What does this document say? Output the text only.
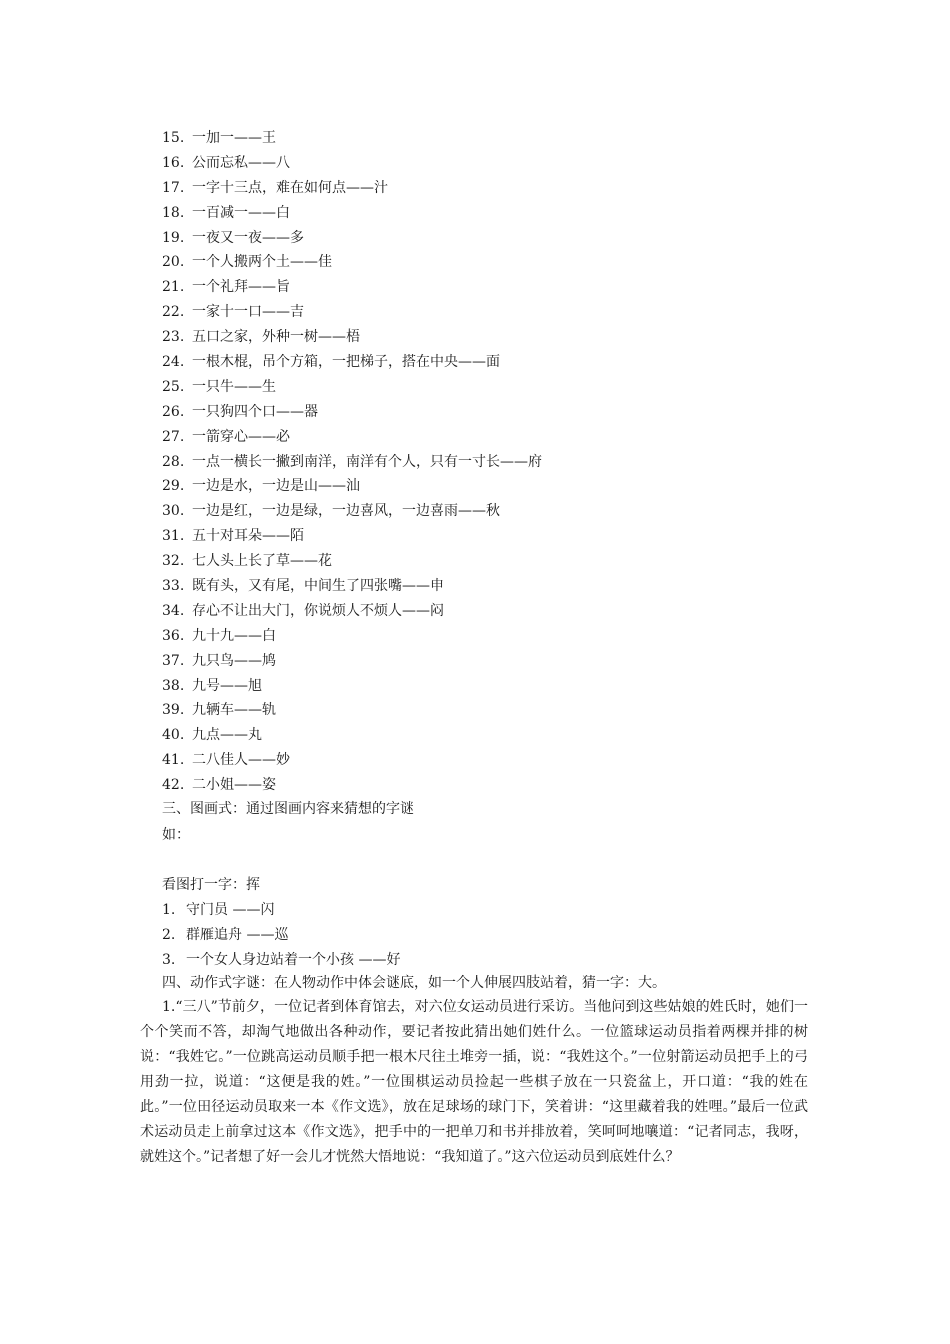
15. 一加一——王
16. 公而忘私——八
17. 一字十三点，难在如何点——汁
18. 一百减一——白
19. 一夜又一夜——多
20. 一个人搬两个土——佳
21. 一个礼拜——旨
22. 一家十一口——吉
23. 五口之家，外种一树——梧
24. 一根木棍，吊个方箱，一把梯子，搭在中央——面
25. 一只牛——生
26. 一只狗四个口——器
27. 一箭穿心——必
28. 一点一横长一撇到南洋，南洋有个人，只有一寸长——府
29. 一边是水，一边是山——汕
30. 一边是红，一边是绿，一边喜风，一边喜雨——秋
31. 五十对耳朵——陌
32. 七人头上长了草——花
33. 既有头，又有尾，中间生了四张嘴——申
34. 存心不让出大门，你说烦人不烦人——闷
36. 九十九——白
37. 九只鸟——鸠
38. 九号——旭
39. 九辆车——轨
40. 九点——丸
41. 二八佳人——妙
42. 二小姐——姿
三、图画式：通过图画内容来猜想的字谜
如：
看图打一字：挥
1. 守门员 ——闪
2. 群雁追舟 ——巡
3. 一个女人身边站着一个小孩 ——好
四、动作式字谜：在人物动作中体会谜底，如一个人伸展四肢站着，猜一字：大。

1.“三八”节前夕，一位记者到体育馆去，对六位女运动员进行采访。当他问到这些姑娘的姓氏时，她们一个个笑而不答，却淘气地做出各种动作，要记者按此猜出她们姓什么。一位篮球运动员指着两棵并排的树说：“我姓它。”一位跳高运动员顺手把一根木尺往土堆旁一插，说：“我姓这个。”一位射箭运动员把手上的弓用劲一拉，说道：“这便是我的姓。”一位围棋运动员捡起一些棋子放在一只瓷盆上，开口道：“我的姓在此。”一位田径运动员取来一本《作文选》，放在足球场的球门下，笑着讲：“这里藏着我的姓哩。”最后一位武术运动员走上前拿过这本《作文选》，把手中的一把单刀和书并排放着，笑呵呵地嚷道：“记者同志，我呀，就姓这个。”记者想了好一会儿才恍然大悟地说：“我知道了。”这六位运动员到底姓什么？
